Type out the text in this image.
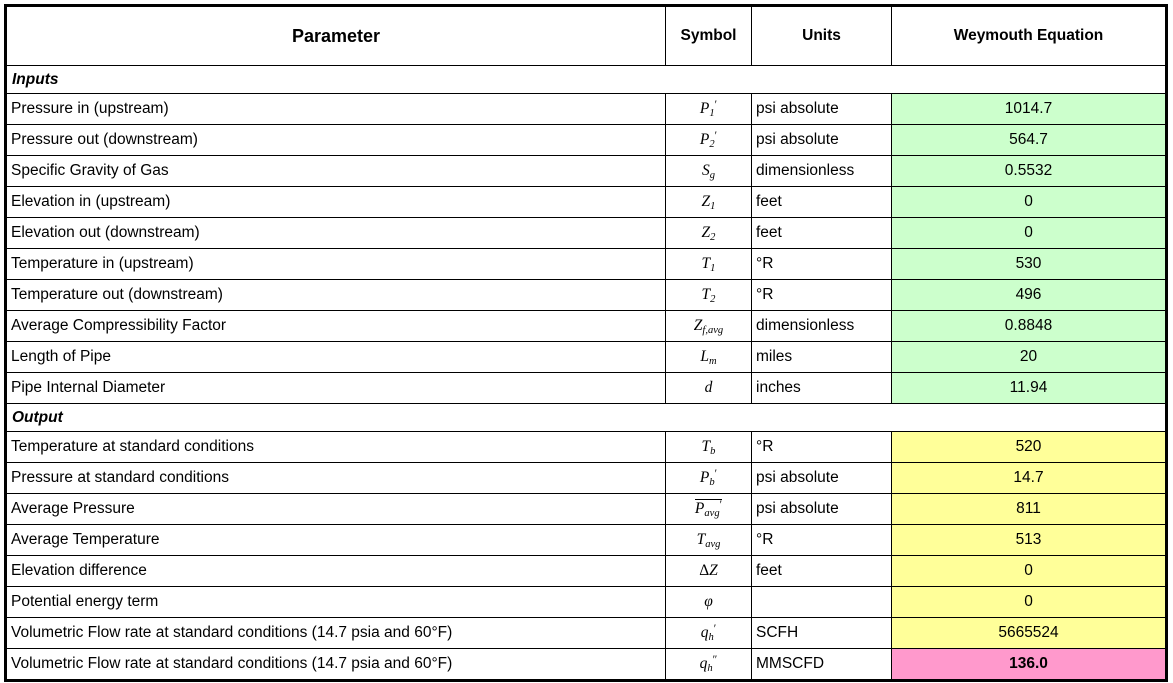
Parameter	Symbol	Units	Weymouth Equation
Inputs			
Pressure in (upstream)	$P_1'$	psi absolute	1014.7
Pressure out (downstream)	$P_2'$	psi absolute	564.7
Specific Gravity of Gas	$S_g$	dimensionless	0.5532
Elevation in (upstream)	$Z_1$	feet	0
Elevation out (downstream)	$Z_2$	feet	0
Temperature in (upstream)	$T_1$	°R	530
Temperature out (downstream)	$T_2$	°R	496
Average Compressibility Factor	$Z_{f,avg}$	dimensionless	0.8848
Length of Pipe	$L_m$	miles	20
Pipe Internal Diameter	d	inches	11.94
Output			
Temperature at standard conditions	$T_b$	°R	520
Pressure at standard conditions	$P_b'$	psi absolute	14.7
Average Pressure	$P_{avg}'$	psi absolute	811
Average Temperature	$T_{avg}$	°R	513
Elevation difference	ΔZ	feet	0
Potential energy term	φ		0
Volumetric Flow rate at standard conditions (14.7 psia and 60°F)	$q_h'$	SCFH	5665524
Volumetric Flow rate at standard conditions (14.7 psia and 60°F)	$q_h''$	MMSCFD	136.0
